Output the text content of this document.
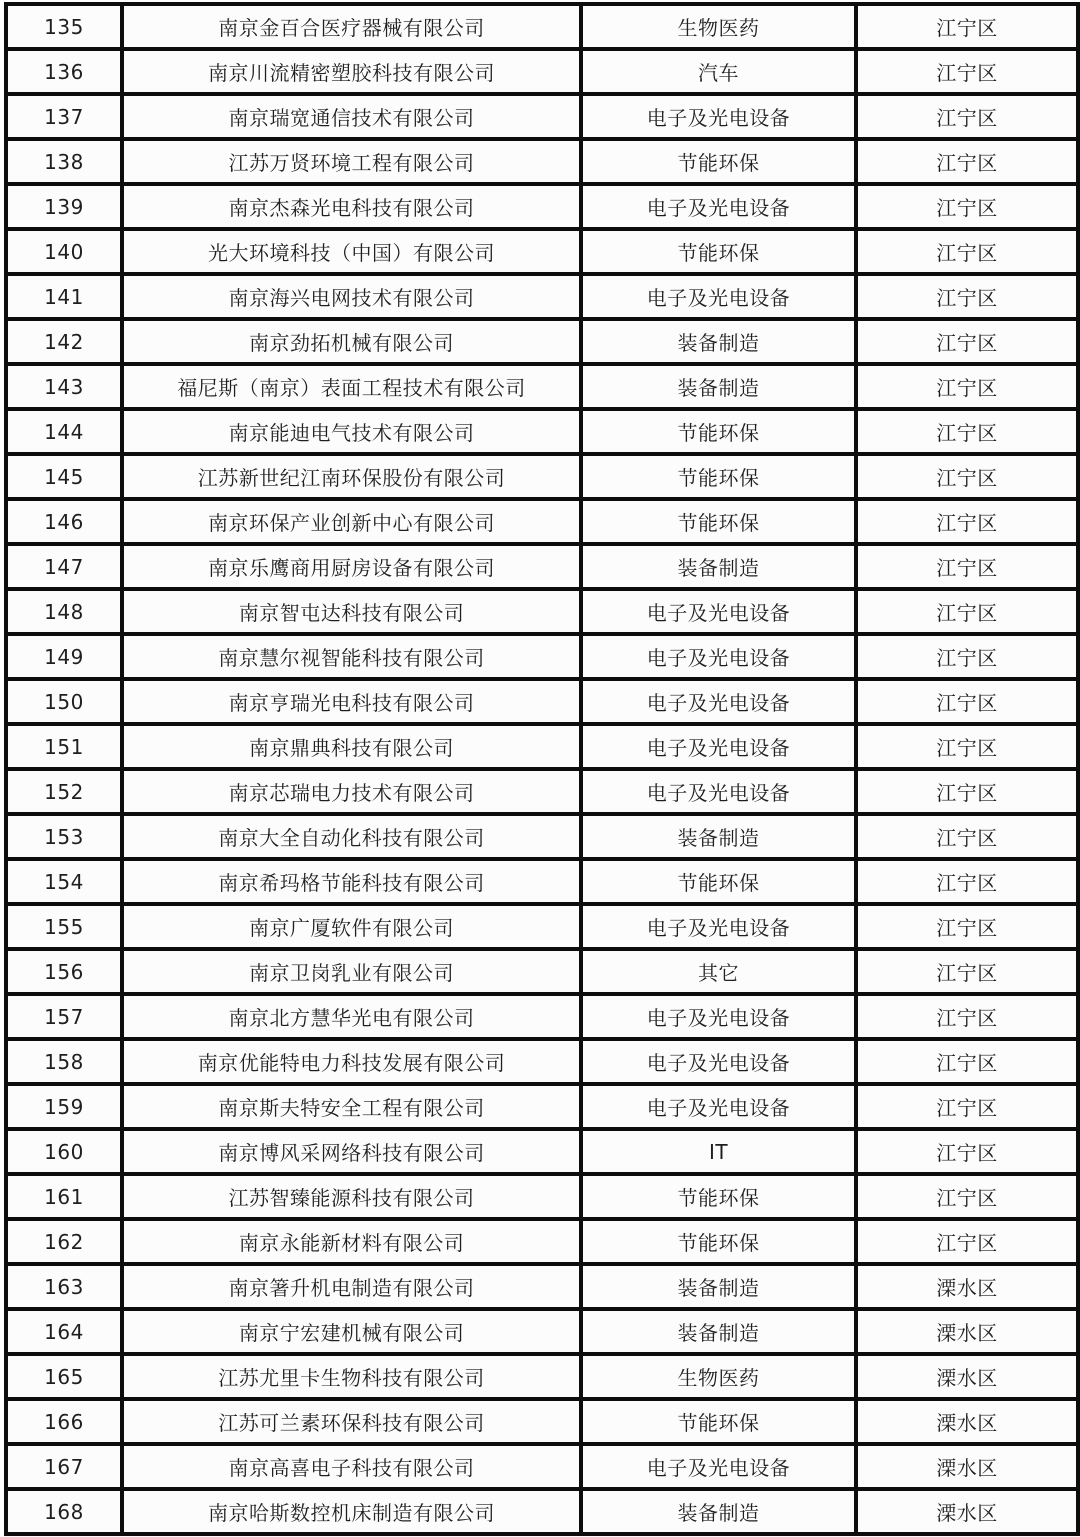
135	南京金百合医疗器械有限公司	生物医药	江宁区
136	南京川流精密塑胶科技有限公司	汽车	江宁区
137	南京瑞宽通信技术有限公司	电子及光电设备	江宁区
138	江苏万贤环境工程有限公司	节能环保	江宁区
139	南京杰森光电科技有限公司	电子及光电设备	江宁区
140	光大环境科技（中国）有限公司	节能环保	江宁区
141	南京海兴电网技术有限公司	电子及光电设备	江宁区
142	南京劲拓机械有限公司	装备制造	江宁区
143	福尼斯（南京）表面工程技术有限公司	装备制造	江宁区
144	南京能迪电气技术有限公司	节能环保	江宁区
145	江苏新世纪江南环保股份有限公司	节能环保	江宁区
146	南京环保产业创新中心有限公司	节能环保	江宁区
147	南京乐鹰商用厨房设备有限公司	装备制造	江宁区
148	南京智屯达科技有限公司	电子及光电设备	江宁区
149	南京慧尔视智能科技有限公司	电子及光电设备	江宁区
150	南京亨瑞光电科技有限公司	电子及光电设备	江宁区
151	南京鼎典科技有限公司	电子及光电设备	江宁区
152	南京芯瑞电力技术有限公司	电子及光电设备	江宁区
153	南京大全自动化科技有限公司	装备制造	江宁区
154	南京希玛格节能科技有限公司	节能环保	江宁区
155	南京广厦软件有限公司	电子及光电设备	江宁区
156	南京卫岗乳业有限公司	其它	江宁区
157	南京北方慧华光电有限公司	电子及光电设备	江宁区
158	南京优能特电力科技发展有限公司	电子及光电设备	江宁区
159	南京斯夫特安全工程有限公司	电子及光电设备	江宁区
160	南京博风采网络科技有限公司	IT	江宁区
161	江苏智臻能源科技有限公司	节能环保	江宁区
162	南京永能新材料有限公司	节能环保	江宁区
163	南京箸升机电制造有限公司	装备制造	溧水区
164	南京宁宏建机械有限公司	装备制造	溧水区
165	江苏尤里卡生物科技有限公司	生物医药	溧水区
166	江苏可兰素环保科技有限公司	节能环保	溧水区
167	南京高喜电子科技有限公司	电子及光电设备	溧水区
168	南京哈斯数控机床制造有限公司	装备制造	溧水区
